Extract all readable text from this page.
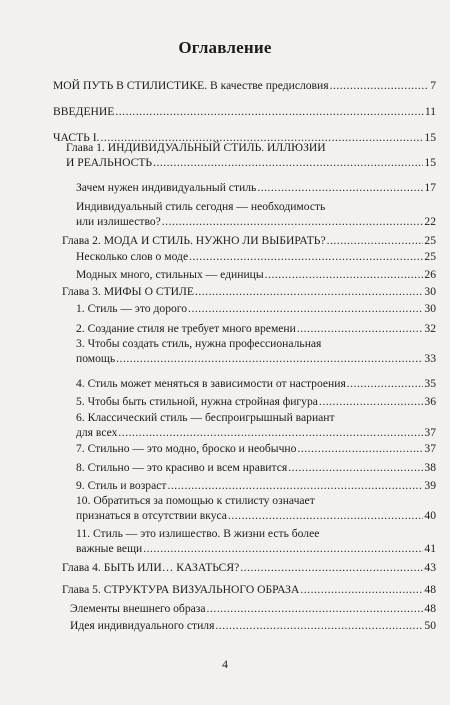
Оглавление
МОЙ ПУТЬ В СТИЛИСТИКЕ. В качестве предисловия .....	7
ВВЕДЕНИЕ .....	11
ЧАСТЬ I. .....	15
Глава 1. ИНДИВИДУАЛЬНЫЙ СТИЛЬ. ИЛЛЮЗИИ
И РЕАЛЬНОСТЬ .....	15
Зачем нужен индивидуальный стиль .....	17
Индивидуальный стиль сегодня — необходимость
или излишество? .....	22
Глава 2. МОДА И СТИЛЬ. НУЖНО ЛИ ВЫБИРАТЬ? .....	25
Несколько слов о моде .....	25
Модных много, стильных — единицы .....	26
Глава 3. МИФЫ О СТИЛЕ .....	30
1. Стиль — это дорого .....	30
2. Создание стиля не требует много времени .....	32
3. Чтобы создать стиль, нужна профессиональная
помощь .....	33
4. Стиль может меняться в зависимости от настроения .....	35
5. Чтобы быть стильной, нужна стройная фигура .....	36
6. Классический стиль — беспроигрышный вариант
для всех .....	37
7. Стильно — это модно, броско и необычно .....	37
8. Стильно — это красиво и всем нравится .....	38
9. Стиль и возраст .....	39
10. Обратиться за помощью к стилисту означает
признаться в отсутствии вкуса .....	40
11. Стиль — это излишество. В жизни есть более
важные вещи .....	41
Глава 4. БЫТЬ ИЛИ… КАЗАТЬСЯ? .....	43
Глава 5. СТРУКТУРА ВИЗУАЛЬНОГО ОБРАЗА .....	48
Элементы внешнего образа .....	48
Идея индивидуального стиля .....	50
4
